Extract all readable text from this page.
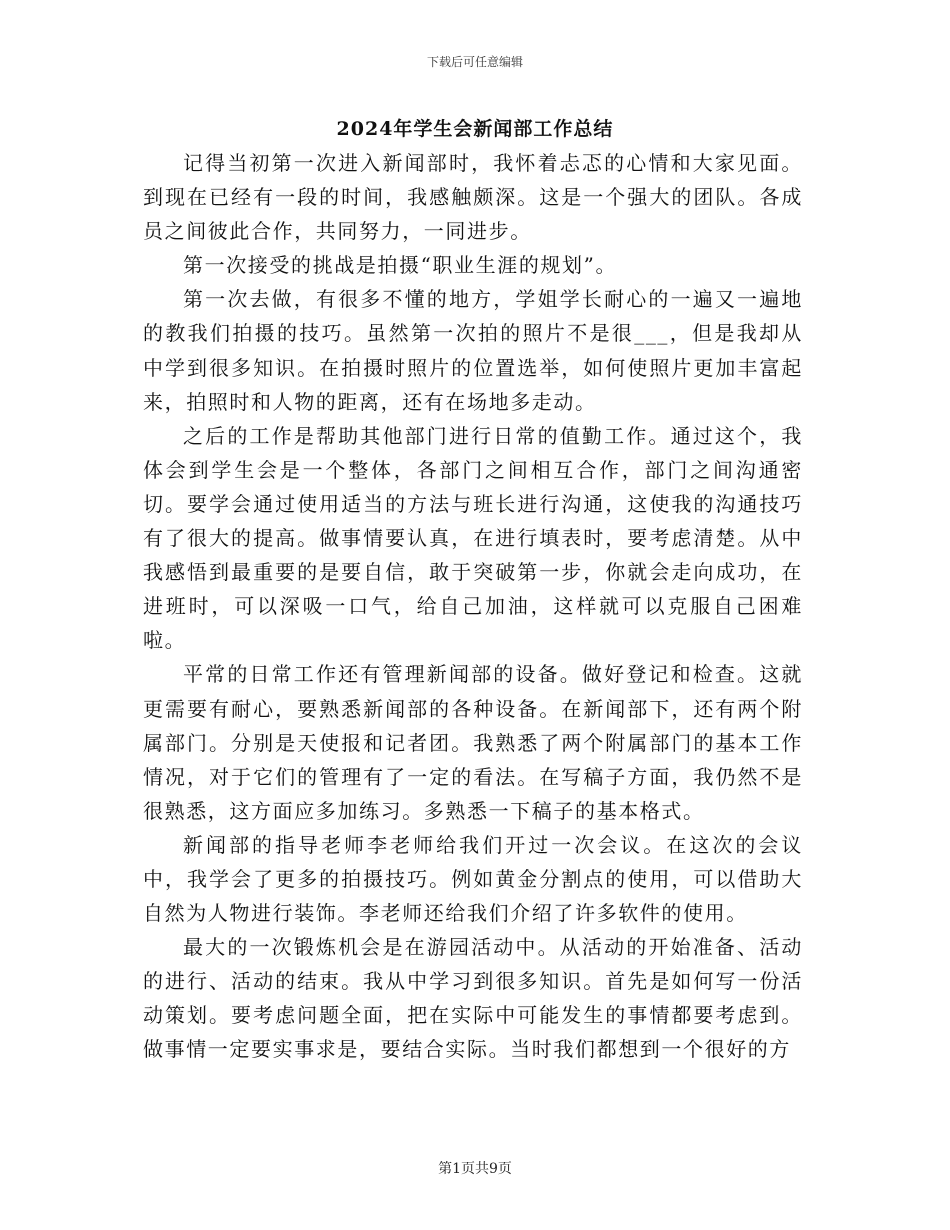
下载后可任意编辑
2024年学生会新闻部工作总结

记得当初第一次进入新闻部时，我怀着忐忑的心情和大家见面。到现在已经有一段的时间，我感触颇深。这是一个强大的团队。各成员之间彼此合作，共同努力，一同进步。

第一次接受的挑战是拍摄“职业生涯的规划”。

第一次去做，有很多不懂的地方，学姐学长耐心的一遍又一遍地的教我们拍摄的技巧。虽然第一次拍的照片不是很___，但是我却从中学到很多知识。在拍摄时照片的位置选举，如何使照片更加丰富起来，拍照时和人物的距离，还有在场地多走动。

之后的工作是帮助其他部门进行日常的值勤工作。通过这个，我体会到学生会是一个整体，各部门之间相互合作，部门之间沟通密切。要学会通过使用适当的方法与班长进行沟通，这使我的沟通技巧有了很大的提高。做事情要认真，在进行填表时，要考虑清楚。从中我感悟到最重要的是要自信，敢于突破第一步，你就会走向成功，在进班时，可以深吸一口气，给自己加油，这样就可以克服自己困难啦。

平常的日常工作还有管理新闻部的设备。做好登记和检查。这就更需要有耐心，要熟悉新闻部的各种设备。在新闻部下，还有两个附属部门。分别是天使报和记者团。我熟悉了两个附属部门的基本工作情况，对于它们的管理有了一定的看法。在写稿子方面，我仍然不是很熟悉，这方面应多加练习。多熟悉一下稿子的基本格式。

新闻部的指导老师李老师给我们开过一次会议。在这次的会议中，我学会了更多的拍摄技巧。例如黄金分割点的使用，可以借助大自然为人物进行装饰。李老师还给我们介绍了许多软件的使用。

最大的一次锻炼机会是在游园活动中。从活动的开始准备、活动的进行、活动的结束。我从中学习到很多知识。首先是如何写一份活动策划。要考虑问题全面，把在实际中可能发生的事情都要考虑到。做事情一定要实事求是，要结合实际。当时我们都想到一个很好的方

第1页共9页
